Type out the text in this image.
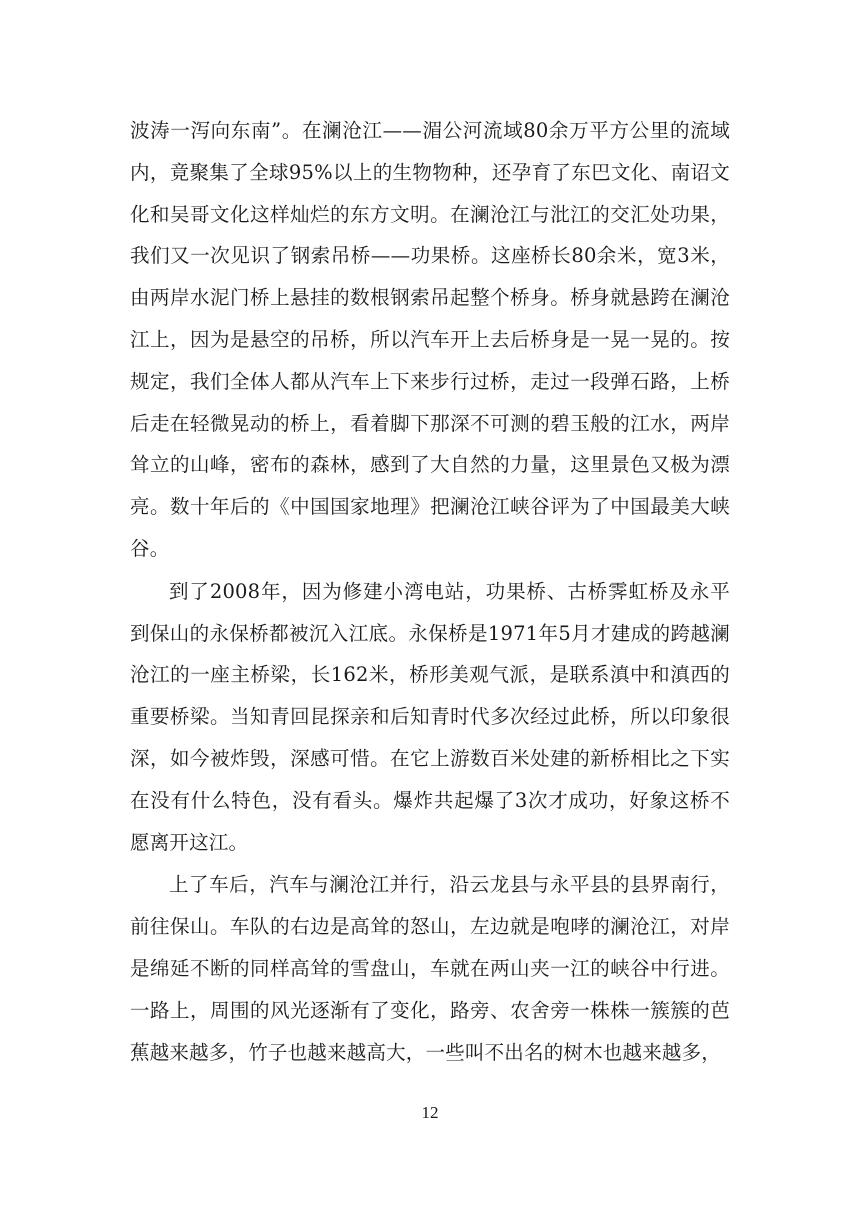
波涛一泻向东南”。在澜沧江——湄公河流域80余万平方公里的流域内，竟聚集了全球95%以上的生物物种，还孕育了东巴文化、南诏文化和吴哥文化这样灿烂的东方文明。在澜沧江与沘江的交汇处功果，我们又一次见识了钢索吊桥——功果桥。这座桥长80余米，宽3米，由两岸水泥门桥上悬挂的数根钢索吊起整个桥身。桥身就悬跨在澜沧江上，因为是悬空的吊桥，所以汽车开上去后桥身是一晃一晃的。按规定，我们全体人都从汽车上下来步行过桥，走过一段弹石路，上桥后走在轻微晃动的桥上，看着脚下那深不可测的碧玉般的江水，两岸耸立的山峰，密布的森林，感到了大自然的力量，这里景色又极为漂亮。数十年后的《中国国家地理》把澜沧江峡谷评为了中国最美大峡谷。

到了2008年，因为修建小湾电站，功果桥、古桥霁虹桥及永平到保山的永保桥都被沉入江底。永保桥是1971年5月才建成的跨越澜沧江的一座主桥梁，长162米，桥形美观气派，是联系滇中和滇西的重要桥梁。当知青回昆探亲和后知青时代多次经过此桥，所以印象很深，如今被炸毁，深感可惜。在它上游数百米处建的新桥相比之下实在没有什么特色，没有看头。爆炸共起爆了3次才成功，好象这桥不愿离开这江。

上了车后，汽车与澜沧江并行，沿云龙县与永平县的县界南行，前往保山。车队的右边是高耸的怒山，左边就是咆哮的澜沧江，对岸是绵延不断的同样高耸的雪盘山，车就在两山夹一江的峡谷中行进。一路上，周围的风光逐渐有了变化，路旁、农舍旁一株株一簇簇的芭蕉越来越多，竹子也越来越高大，一些叫不出名的树木也越来越多，

12
